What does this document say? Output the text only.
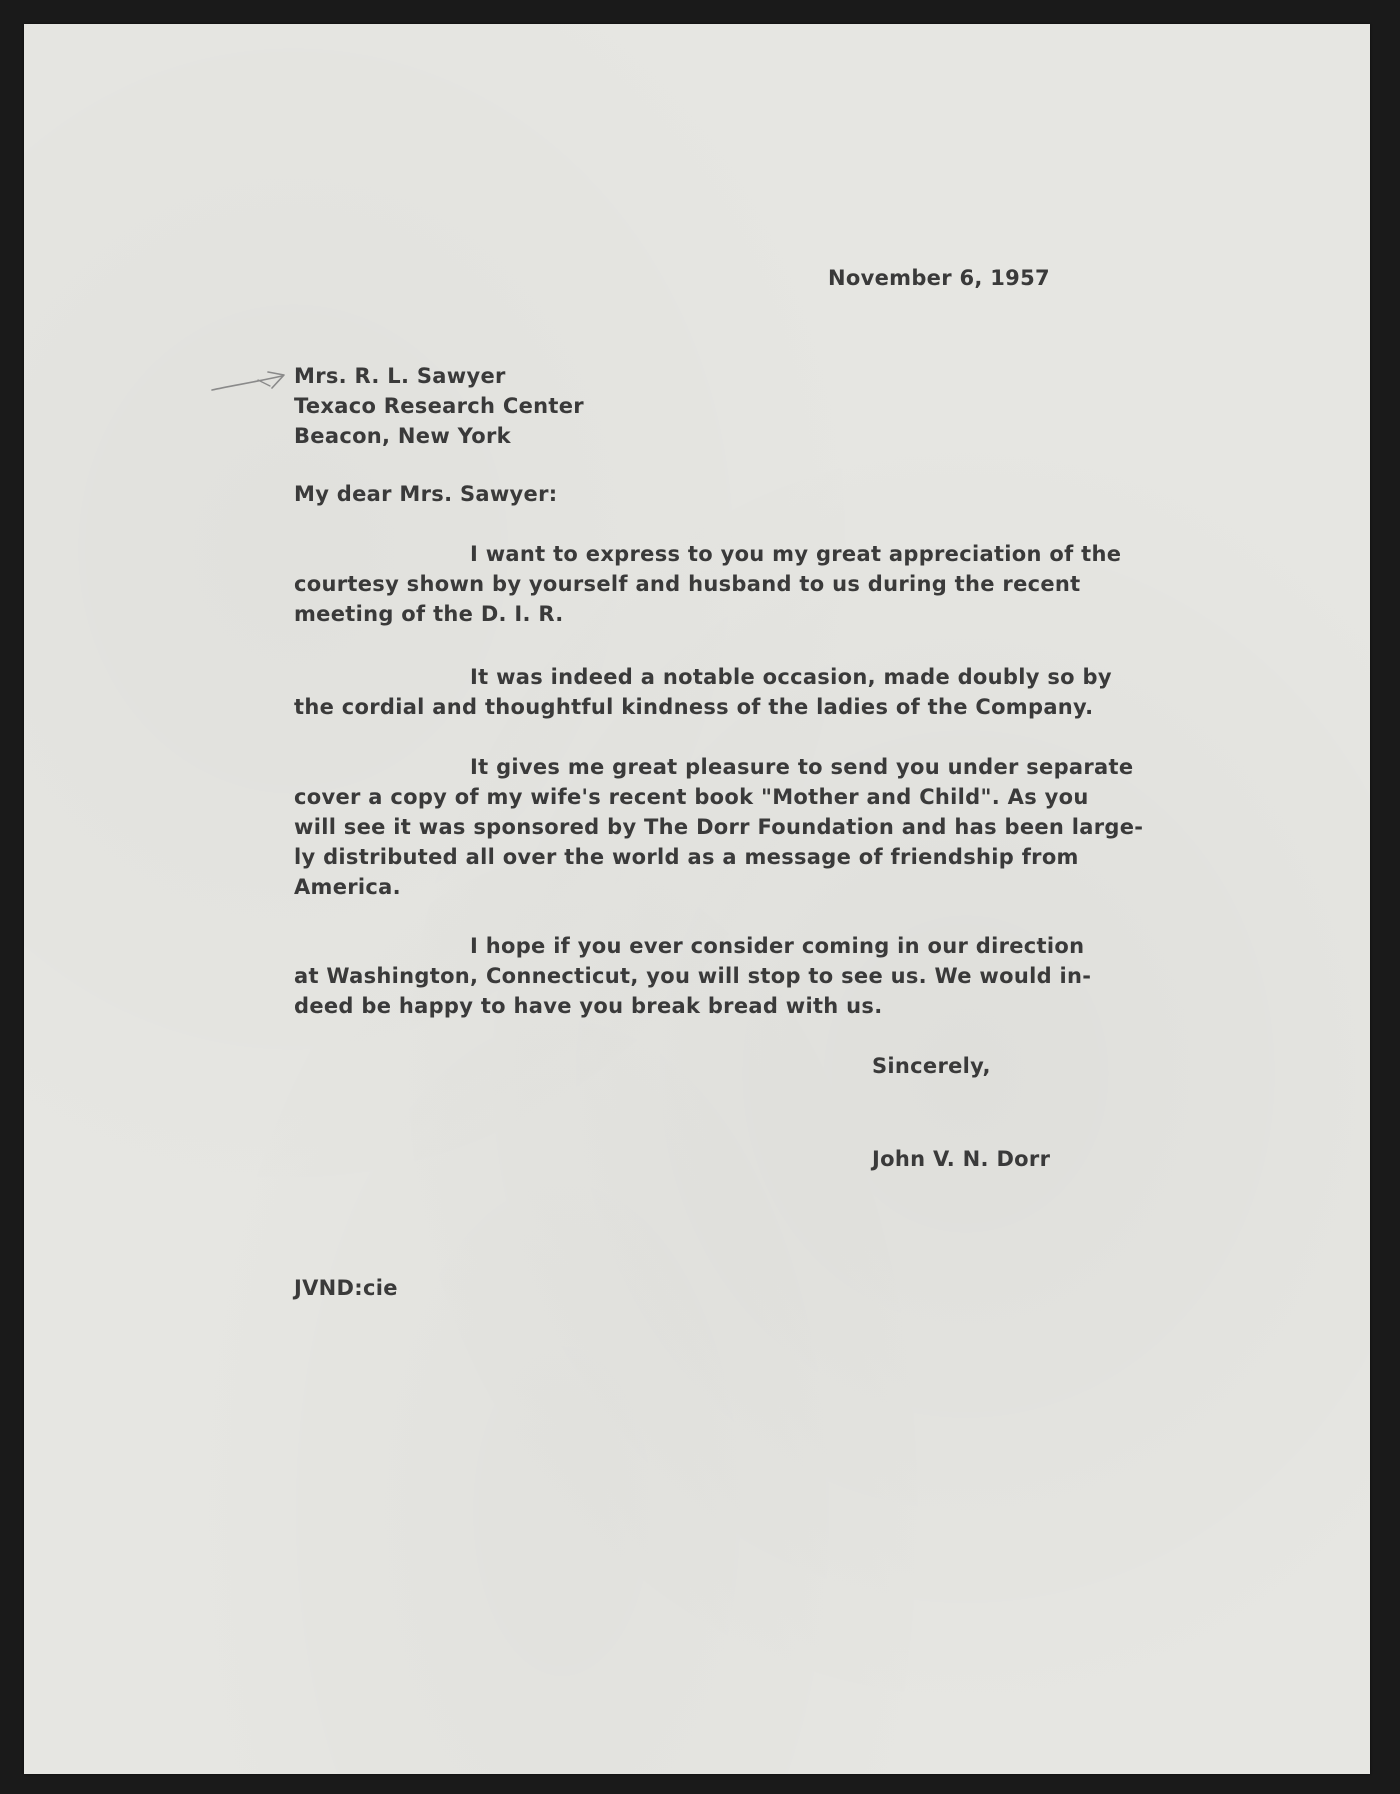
November 6, 1957

Mrs. R. L. Sawyer
Texaco Research Center
Beacon, New York

My dear Mrs. Sawyer:

I want to express to you my great appreciation of the
courtesy shown by yourself and husband to us during the recent
meeting of the D. I. R.
It was indeed a notable occasion, made doubly so by
the cordial and thoughtful kindness of the ladies of the Company.
It gives me great pleasure to send you under separate
cover a copy of my wife's recent book "Mother and Child". As you
will see it was sponsored by The Dorr Foundation and has been large-
ly distributed all over the world as a message of friendship from
America.
I hope if you ever consider coming in our direction
at Washington, Connecticut, you will stop to see us. We would in-
deed be happy to have you break bread with us.

Sincerely,

John V. N. Dorr

JVND:cie
